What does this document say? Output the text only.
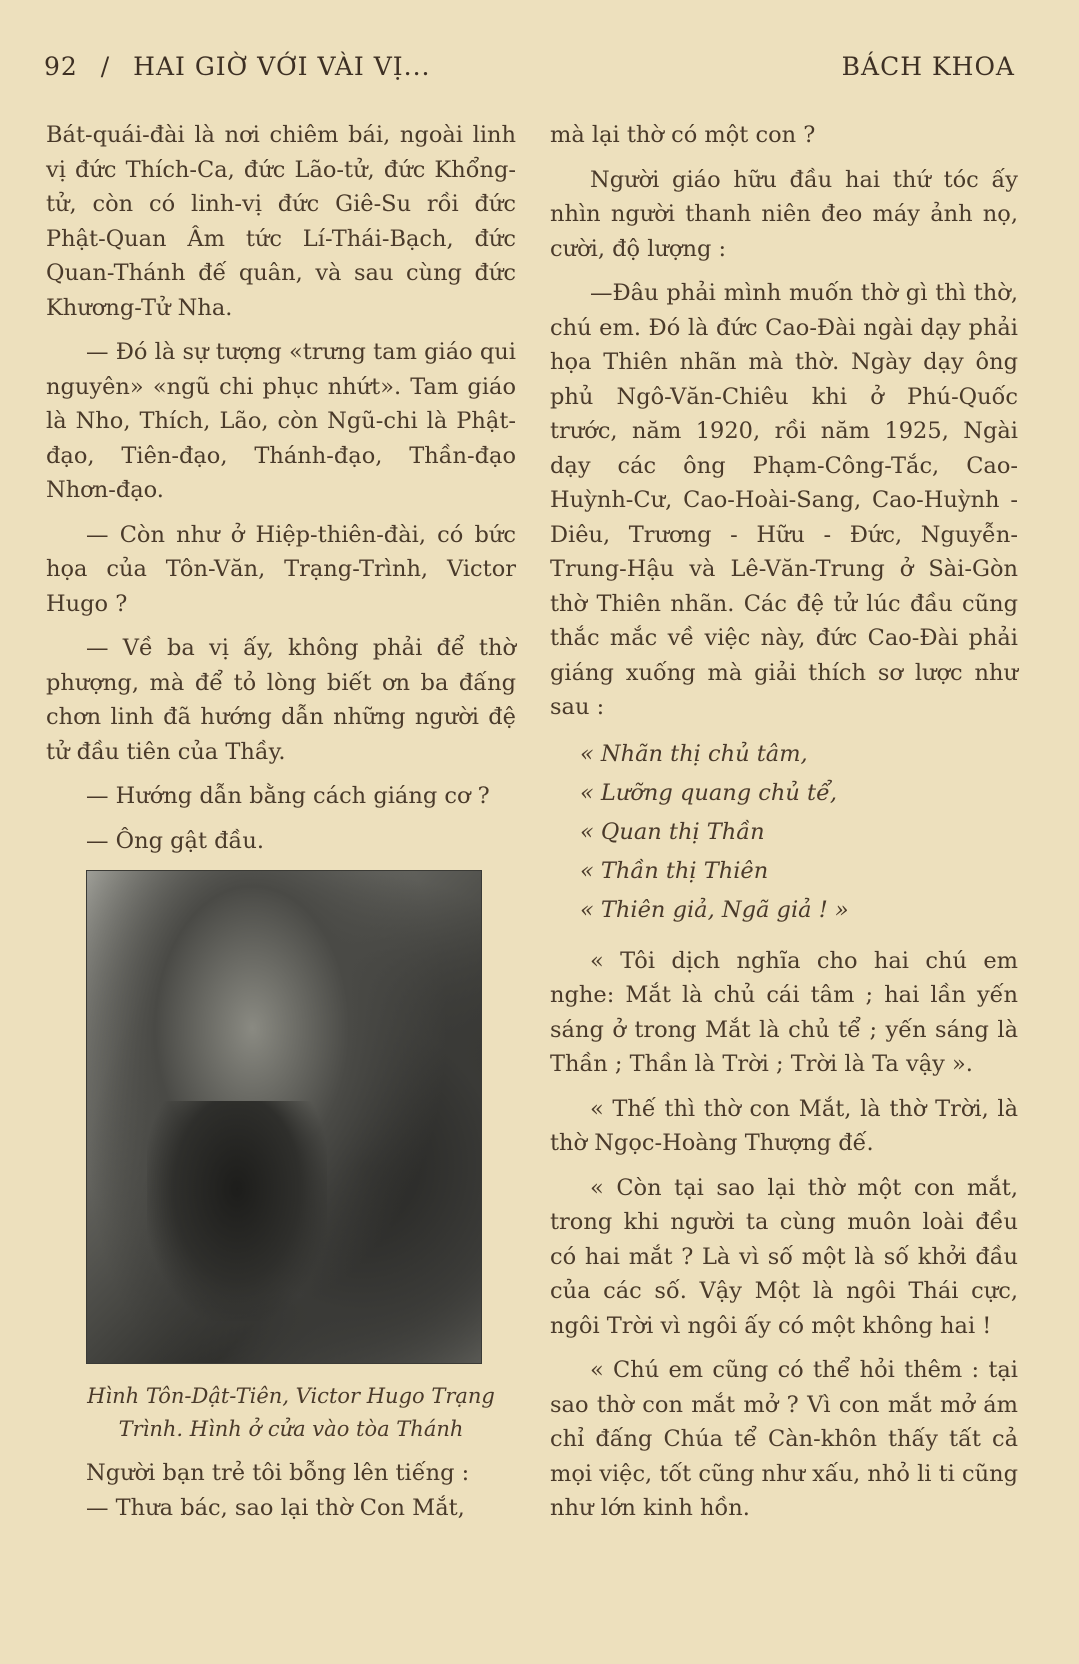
92 / HAI GIỜ VỚI VÀI VỊ...	BÁCH KHOA

Bát-quái-đài là nơi chiêm bái, ngoài linh vị đức Thích-Ca, đức Lão-tử, đức Khổng-tử, còn có linh-vị đức Giê-Su rồi đức Phật-Quan Âm tức Lí-Thái-Bạch, đức Quan-Thánh đế quân, và sau cùng đức Khương-Tử Nha.

— Đó là sự tượng «trưng tam giáo qui nguyên» «ngũ chi phục nhứt». Tam giáo là Nho, Thích, Lão, còn Ngũ-chi là Phật-đạo, Tiên-đạo, Thánh-đạo, Thần-đạo Nhơn-đạo.

— Còn như ở Hiệp-thiên-đài, có bức họa của Tôn-Văn, Trạng-Trình, Victor Hugo ?

— Về ba vị ấy, không phải để thờ phượng, mà để tỏ lòng biết ơn ba đấng chơn linh đã hướng dẫn những người đệ tử đầu tiên của Thầy.

— Hướng dẫn bằng cách giáng cơ ?

— Ông gật đầu.

Hình Tôn-Dật-Tiên, Victor Hugo Trạng Trình. Hình ở cửa vào tòa Thánh

Người bạn trẻ tôi bỗng lên tiếng :

— Thưa bác, sao lại thờ Con Mắt,

mà lại thờ có một con ?

Người giáo hữu đầu hai thứ tóc ấy nhìn người thanh niên đeo máy ảnh nọ, cười, độ lượng :

—Đâu phải mình muốn thờ gì thì thờ, chú em. Đó là đức Cao-Đài ngài dạy phải họa Thiên nhãn mà thờ. Ngày dạy ông phủ Ngô-Văn-Chiêu khi ở Phú-Quốc trước, năm 1920, rồi năm 1925, Ngài dạy các ông Phạm-Công-Tắc, Cao-Huỳnh-Cư, Cao-Hoài-Sang, Cao-Huỳnh - Diêu, Trương - Hữu - Đức, Nguyễn-Trung-Hậu và Lê-Văn-Trung ở Sài-Gòn thờ Thiên nhãn. Các đệ tử lúc đầu cũng thắc mắc về việc này, đức Cao-Đài phải giáng xuống mà giải thích sơ lược như sau :

« Nhãn thị chủ tâm,
« Lưỡng quang chủ tể,
« Quan thị Thần
« Thần thị Thiên
« Thiên giả, Ngã giả ! »

« Tôi dịch nghĩa cho hai chú em nghe: Mắt là chủ cái tâm ; hai lần yến sáng ở trong Mắt là chủ tể ; yến sáng là Thần ; Thần là Trời ; Trời là Ta vậy ».

« Thế thì thờ con Mắt, là thờ Trời, là thờ Ngọc-Hoàng Thượng đế.

« Còn tại sao lại thờ một con mắt, trong khi người ta cùng muôn loài đều có hai mắt ? Là vì số một là số khởi đầu của các số. Vậy Một là ngôi Thái cực, ngôi Trời vì ngôi ấy có một không hai !

« Chú em cũng có thể hỏi thêm : tại sao thờ con mắt mở ? Vì con mắt mở ám chỉ đấng Chúa tể Càn-khôn thấy tất cả mọi việc, tốt cũng như xấu, nhỏ li ti cũng như lớn kinh hồn.
